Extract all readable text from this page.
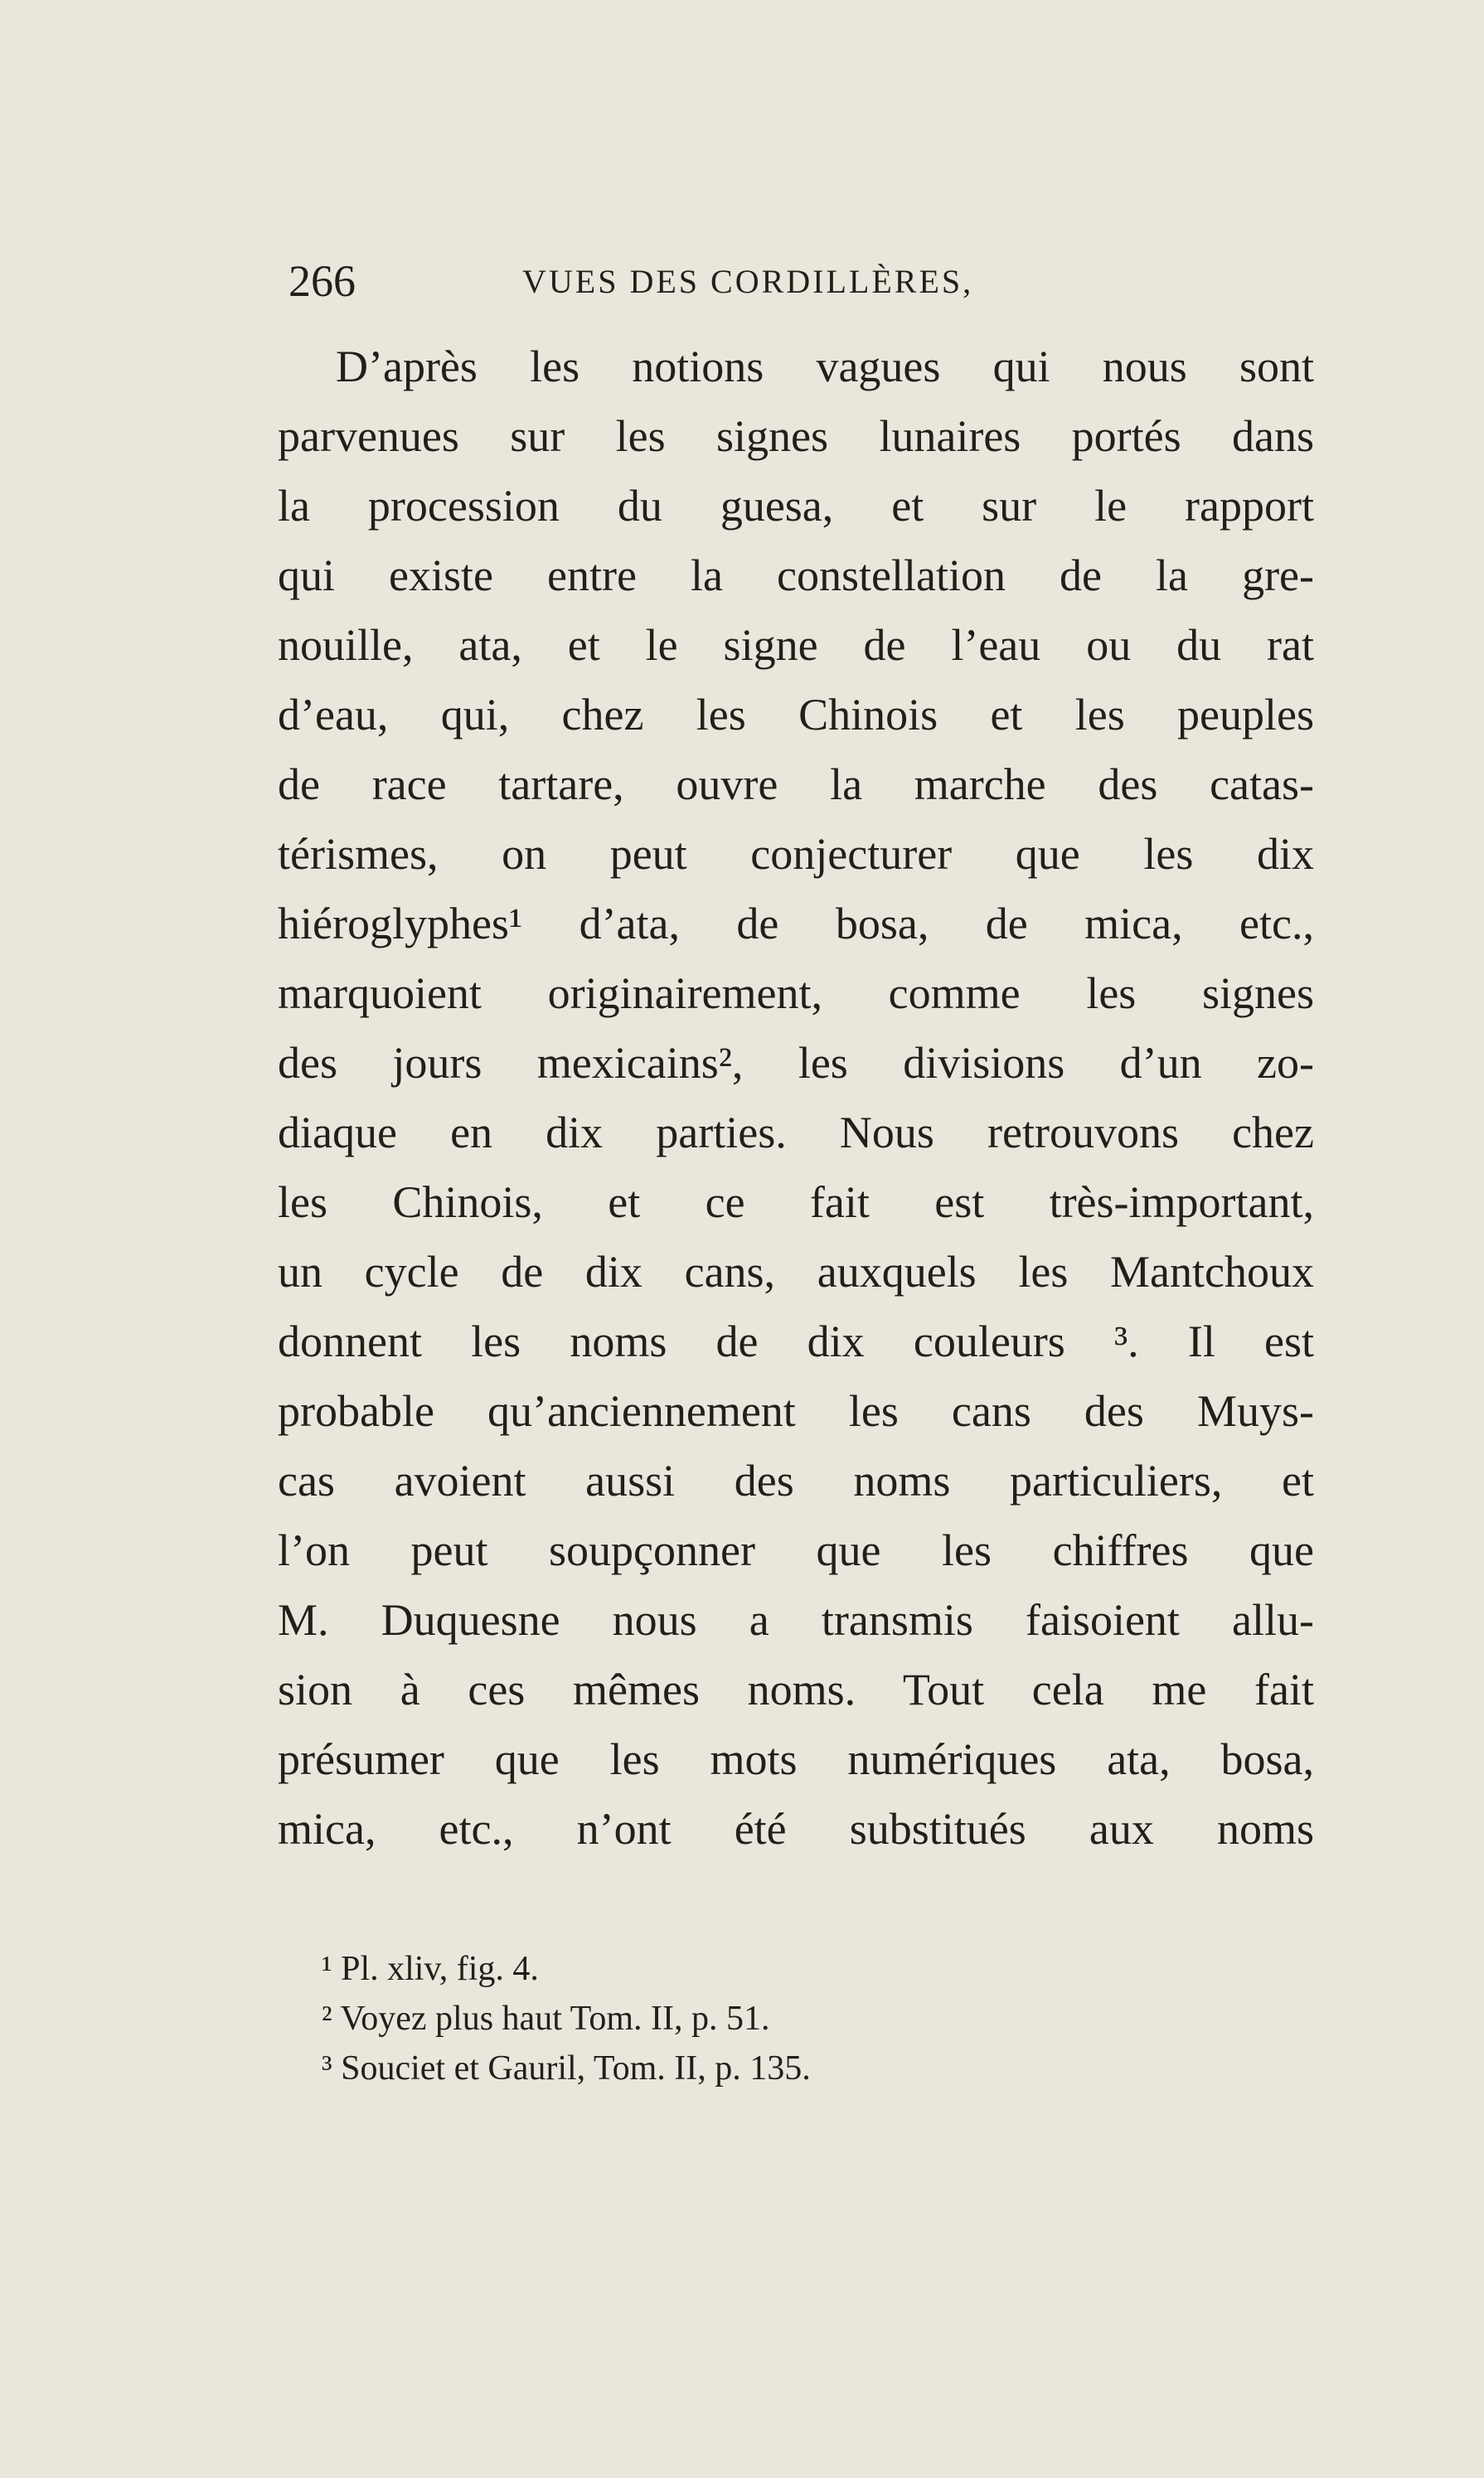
266	VUES DES CORDILLÈRES,
D’après les notions vagues qui nous sont
parvenues sur les signes lunaires portés dans
la procession du guesa, et sur le rapport
qui existe entre la constellation de la gre-
nouille, ata, et le signe de l’eau ou du rat
d’eau, qui, chez les Chinois et les peuples
de race tartare, ouvre la marche des catas-
térismes, on peut conjecturer que les dix
hiéroglyphes¹ d’ata, de bosa, de mica, etc.,
marquoient originairement, comme les signes
des jours mexicains², les divisions d’un zo-
diaque en dix parties. Nous retrouvons chez
les Chinois, et ce fait est très-important,
un cycle de dix cans, auxquels les Mantchoux
donnent les noms de dix couleurs ³. Il est
probable qu’anciennement les cans des Muys-
cas avoient aussi des noms particuliers, et
l’on peut soupçonner que les chiffres que
M. Duquesne nous a transmis faisoient allu-
sion à ces mêmes noms. Tout cela me fait
présumer que les mots numériques ata, bosa,
mica, etc., n’ont été substitués aux noms
¹ Pl. xliv, fig. 4.
² Voyez plus haut Tom. II, p. 51.
³ Souciet et Gauril, Tom. II, p. 135.
